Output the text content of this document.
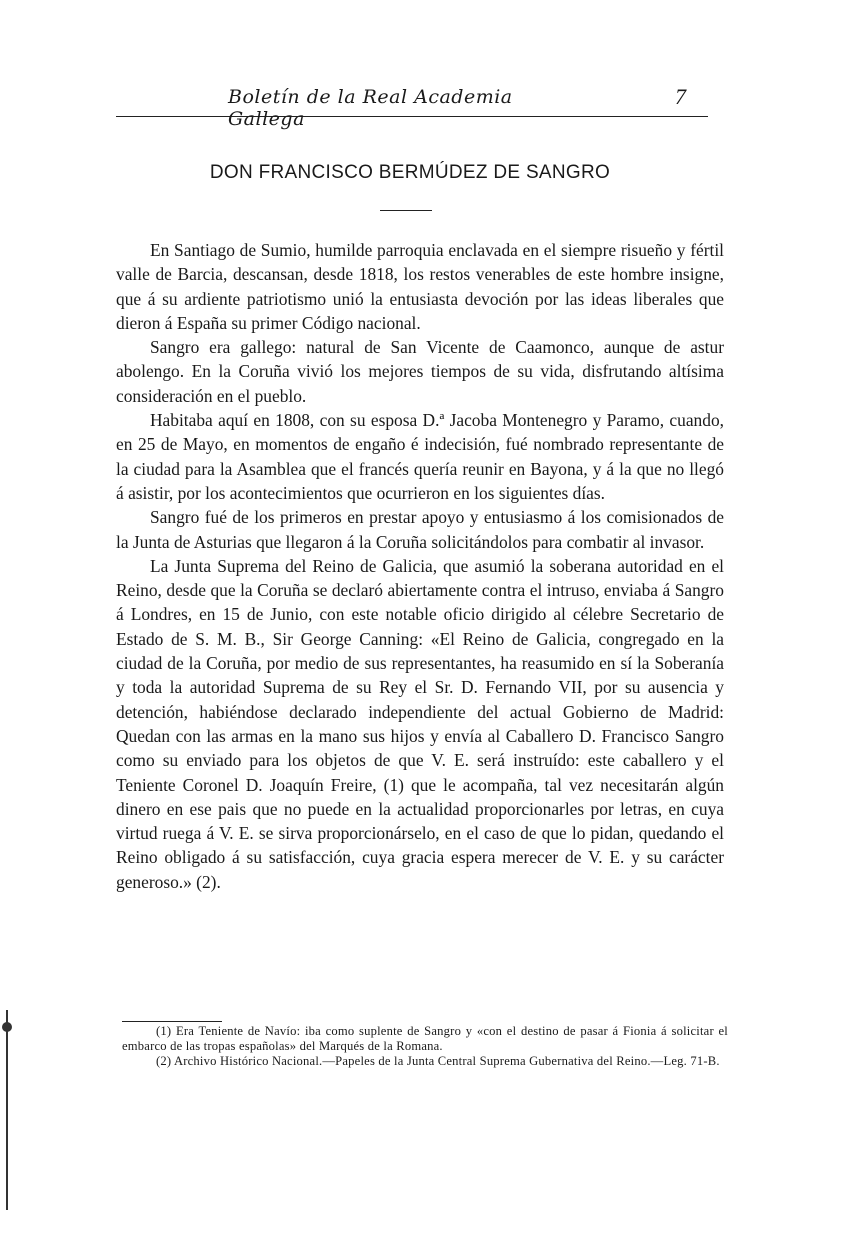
Boletín de la Real Academia Gallega
7
DON FRANCISCO BERMÚDEZ DE SANGRO

En Santiago de Sumio, humilde parroquia enclavada en el siempre risueño y fértil valle de Barcia, descansan, desde 1818, los restos venerables de este hombre insigne, que á su ardiente patriotismo unió la entusiasta devoción por las ideas liberales que dieron á España su primer Código nacional.

Sangro era gallego: natural de San Vicente de Caamonco, aunque de astur abolengo. En la Coruña vivió los mejores tiempos de su vida, disfrutando altísima consideración en el pueblo.

Habitaba aquí en 1808, con su esposa D.ª Jacoba Montenegro y Paramo, cuando, en 25 de Mayo, en momentos de engaño é indecisión, fué nombrado representante de la ciudad para la Asamblea que el francés quería reunir en Bayona, y á la que no llegó á asistir, por los acontecimientos que ocurrieron en los siguientes días.

Sangro fué de los primeros en prestar apoyo y entusiasmo á los comisionados de la Junta de Asturias que llegaron á la Coruña solicitándolos para combatir al invasor.

La Junta Suprema del Reino de Galicia, que asumió la soberana autoridad en el Reino, desde que la Coruña se declaró abiertamente contra el intruso, enviaba á Sangro á Londres, en 15 de Junio, con este notable oficio dirigido al célebre Secretario de Estado de S. M. B., Sir George Canning: «El Reino de Galicia, congregado en la ciudad de la Coruña, por medio de sus representantes, ha reasumido en sí la Soberanía y toda la autoridad Suprema de su Rey el Sr. D. Fernando VII, por su ausencia y detención, habiéndose declarado independiente del actual Gobierno de Madrid: Quedan con las armas en la mano sus hijos y envía al Caballero D. Francisco Sangro como su enviado para los objetos de que V. E. será instruído: este caballero y el Teniente Coronel D. Joaquín Freire, (1) que le acompaña, tal vez necesitarán algún dinero en ese pais que no puede en la actualidad proporcionarles por letras, en cuya virtud ruega á V. E. se sirva proporcionárselo, en el caso de que lo pidan, quedando el Reino obligado á su satisfacción, cuya gracia espera merecer de V. E. y su carácter generoso.» (2).

(1) Era Teniente de Navío: iba como suplente de Sangro y «con el destino de pasar á Fionia á solicitar el embarco de las tropas españolas» del Marqués de la Romana.

(2) Archivo Histórico Nacional.—Papeles de la Junta Central Suprema Gubernativa del Reino.—Leg. 71-B.
